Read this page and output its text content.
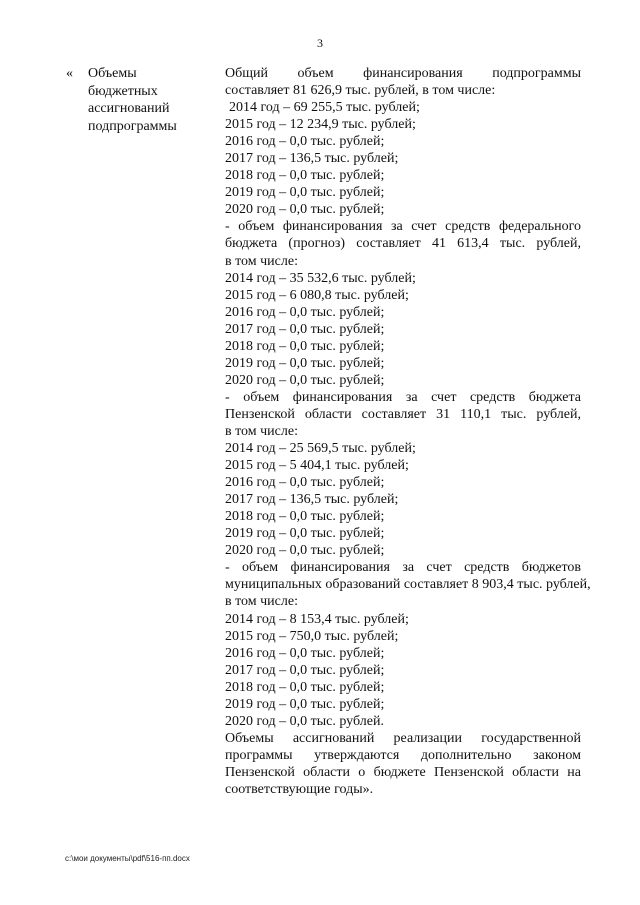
3
« Объемы
бюджетных
ассигнований
подпрограммы
Общий объем финансирования подпрограммы
составляет 81 626,9 тыс. рублей, в том числе:
2014 год – 69 255,5 тыс. рублей;
2015 год – 12 234,9 тыс. рублей;
2016 год – 0,0 тыс. рублей;
2017 год – 136,5 тыс. рублей;
2018 год – 0,0 тыс. рублей;
2019 год – 0,0 тыс. рублей;
2020 год – 0,0 тыс. рублей;
- объем финансирования за счет средств федерального
бюджета (прогноз) составляет 41 613,4 тыс. рублей,
в том числе:
2014 год – 35 532,6 тыс. рублей;
2015 год – 6 080,8 тыс. рублей;
2016 год – 0,0 тыс. рублей;
2017 год – 0,0 тыс. рублей;
2018 год – 0,0 тыс. рублей;
2019 год – 0,0 тыс. рублей;
2020 год – 0,0 тыс. рублей;
- объем финансирования за счет средств бюджета
Пензенской области составляет 31 110,1 тыс. рублей,
в том числе:
2014 год – 25 569,5 тыс. рублей;
2015 год – 5 404,1 тыс. рублей;
2016 год – 0,0 тыс. рублей;
2017 год – 136,5 тыс. рублей;
2018 год – 0,0 тыс. рублей;
2019 год – 0,0 тыс. рублей;
2020 год – 0,0 тыс. рублей;
- объем финансирования за счет средств бюджетов
муниципальных образований составляет 8 903,4 тыс. рублей,
в том числе:
2014 год – 8 153,4 тыс. рублей;
2015 год – 750,0 тыс. рублей;
2016 год – 0,0 тыс. рублей;
2017 год – 0,0 тыс. рублей;
2018 год – 0,0 тыс. рублей;
2019 год – 0,0 тыс. рублей;
2020 год – 0,0 тыс. рублей.
Объемы ассигнований реализации государственной
программы утверждаются дополнительно законом
Пензенской области о бюджете Пензенской области на
соответствующие годы».
c:\мои документы\pdf\516-пп.docx
